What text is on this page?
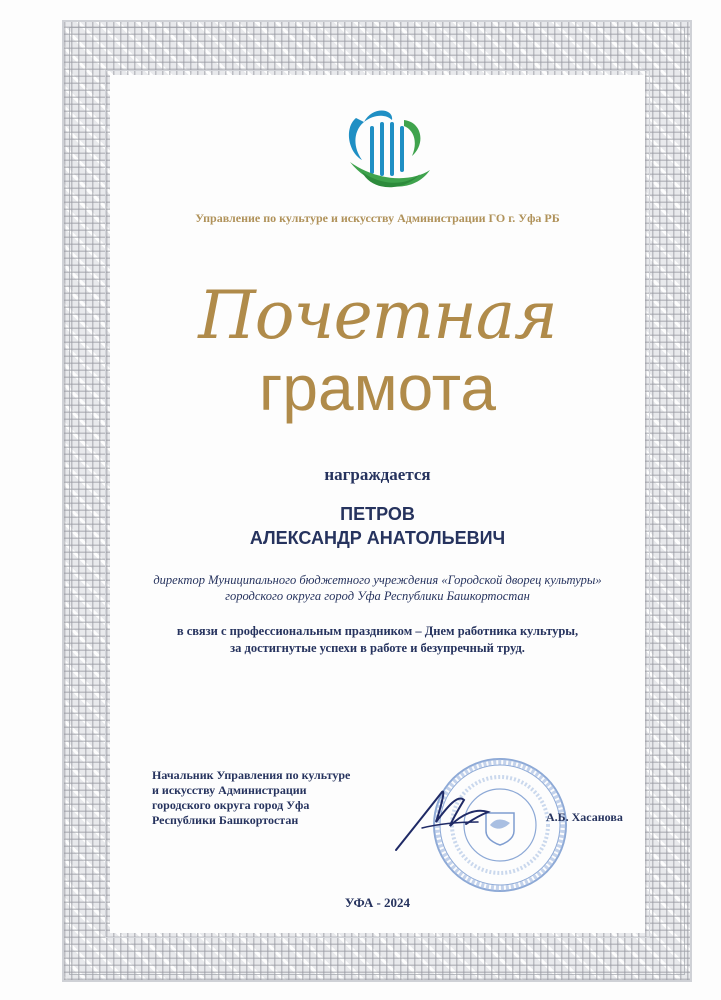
Управление по культуре и искусству Администрации ГО г. Уфа РБ
Почетная
грамота
награждается
ПЕТРОВ
АЛЕКСАНДР АНАТОЛЬЕВИЧ
директор Муниципального бюджетного учреждения «Городской дворец культуры»
городского округа город Уфа Республики Башкортостан
в связи с профессиональным праздником – Днем работника культуры,
за достигнутые успехи в работе и безупречный труд.
Начальник Управления по культуре
и искусству Администрации
городского округа город Уфа
Республики Башкортостан	А.Б. Хасанова
УФА - 2024
